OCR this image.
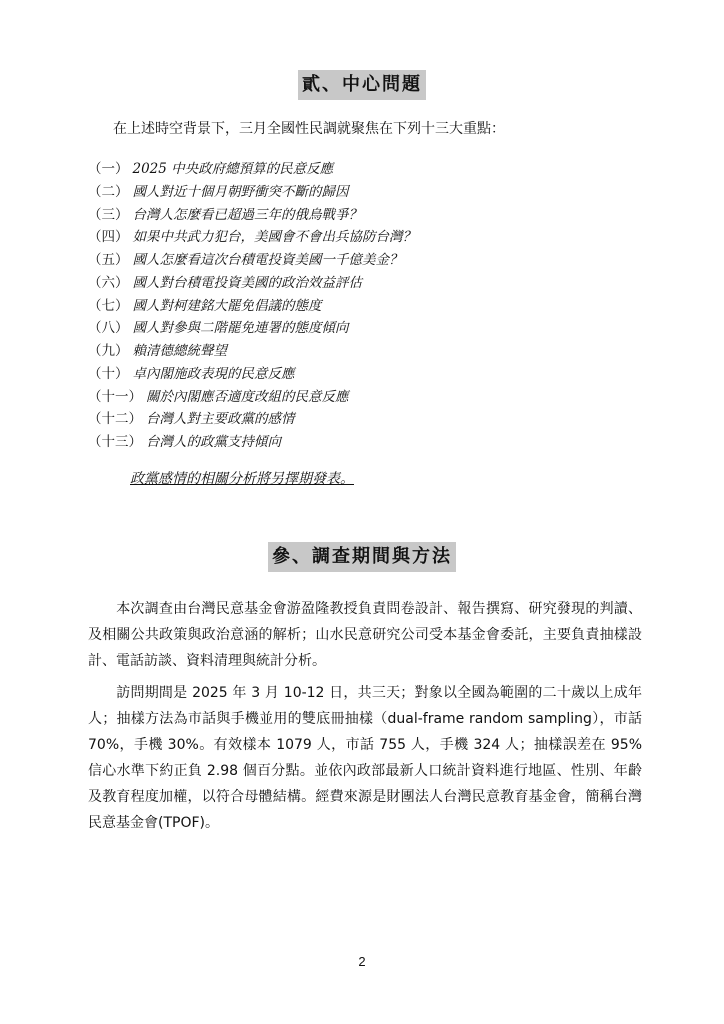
貳、中心問題

在上述時空背景下，三月全國性民調就聚焦在下列十三大重點：

（一） 2025 中央政府總預算的民意反應
（二） 國人對近十個月朝野衝突不斷的歸因
（三） 台灣人怎麼看已超過三年的俄烏戰爭？
（四） 如果中共武力犯台，美國會不會出兵協防台灣？
（五） 國人怎麼看這次台積電投資美國一千億美金？
（六） 國人對台積電投資美國的政治效益評估
（七） 國人對柯建銘大罷免倡議的態度
（八） 國人對參與二階罷免連署的態度傾向
（九） 賴清德總統聲望
（十） 卓內閣施政表現的民意反應
（十一） 關於內閣應否適度改組的民意反應
（十二） 台灣人對主要政黨的感情
（十三） 台灣人的政黨支持傾向

政黨感情的相關分析將另擇期發表。

參、調查期間與方法

本次調查由台灣民意基金會游盈隆教授負責問卷設計、報告撰寫、研究發現的判讀、及相關公共政策與政治意涵的解析；山水民意研究公司受本基金會委託，主要負責抽樣設計、電話訪談、資料清理與統計分析。

訪問期間是 2025 年 3 月 10-12 日，共三天；對象以全國為範圍的二十歲以上成年人；抽樣方法為市話與手機並用的雙底冊抽樣（dual-frame random sampling），市話 70%，手機 30%。有效樣本 1079 人，市話 755 人，手機 324 人；抽樣誤差在 95%信心水準下約正負 2.98 個百分點。並依內政部最新人口統計資料進行地區、性別、年齡及教育程度加權，以符合母體結構。經費來源是財團法人台灣民意教育基金會，簡稱台灣民意基金會(TPOF)。

2
